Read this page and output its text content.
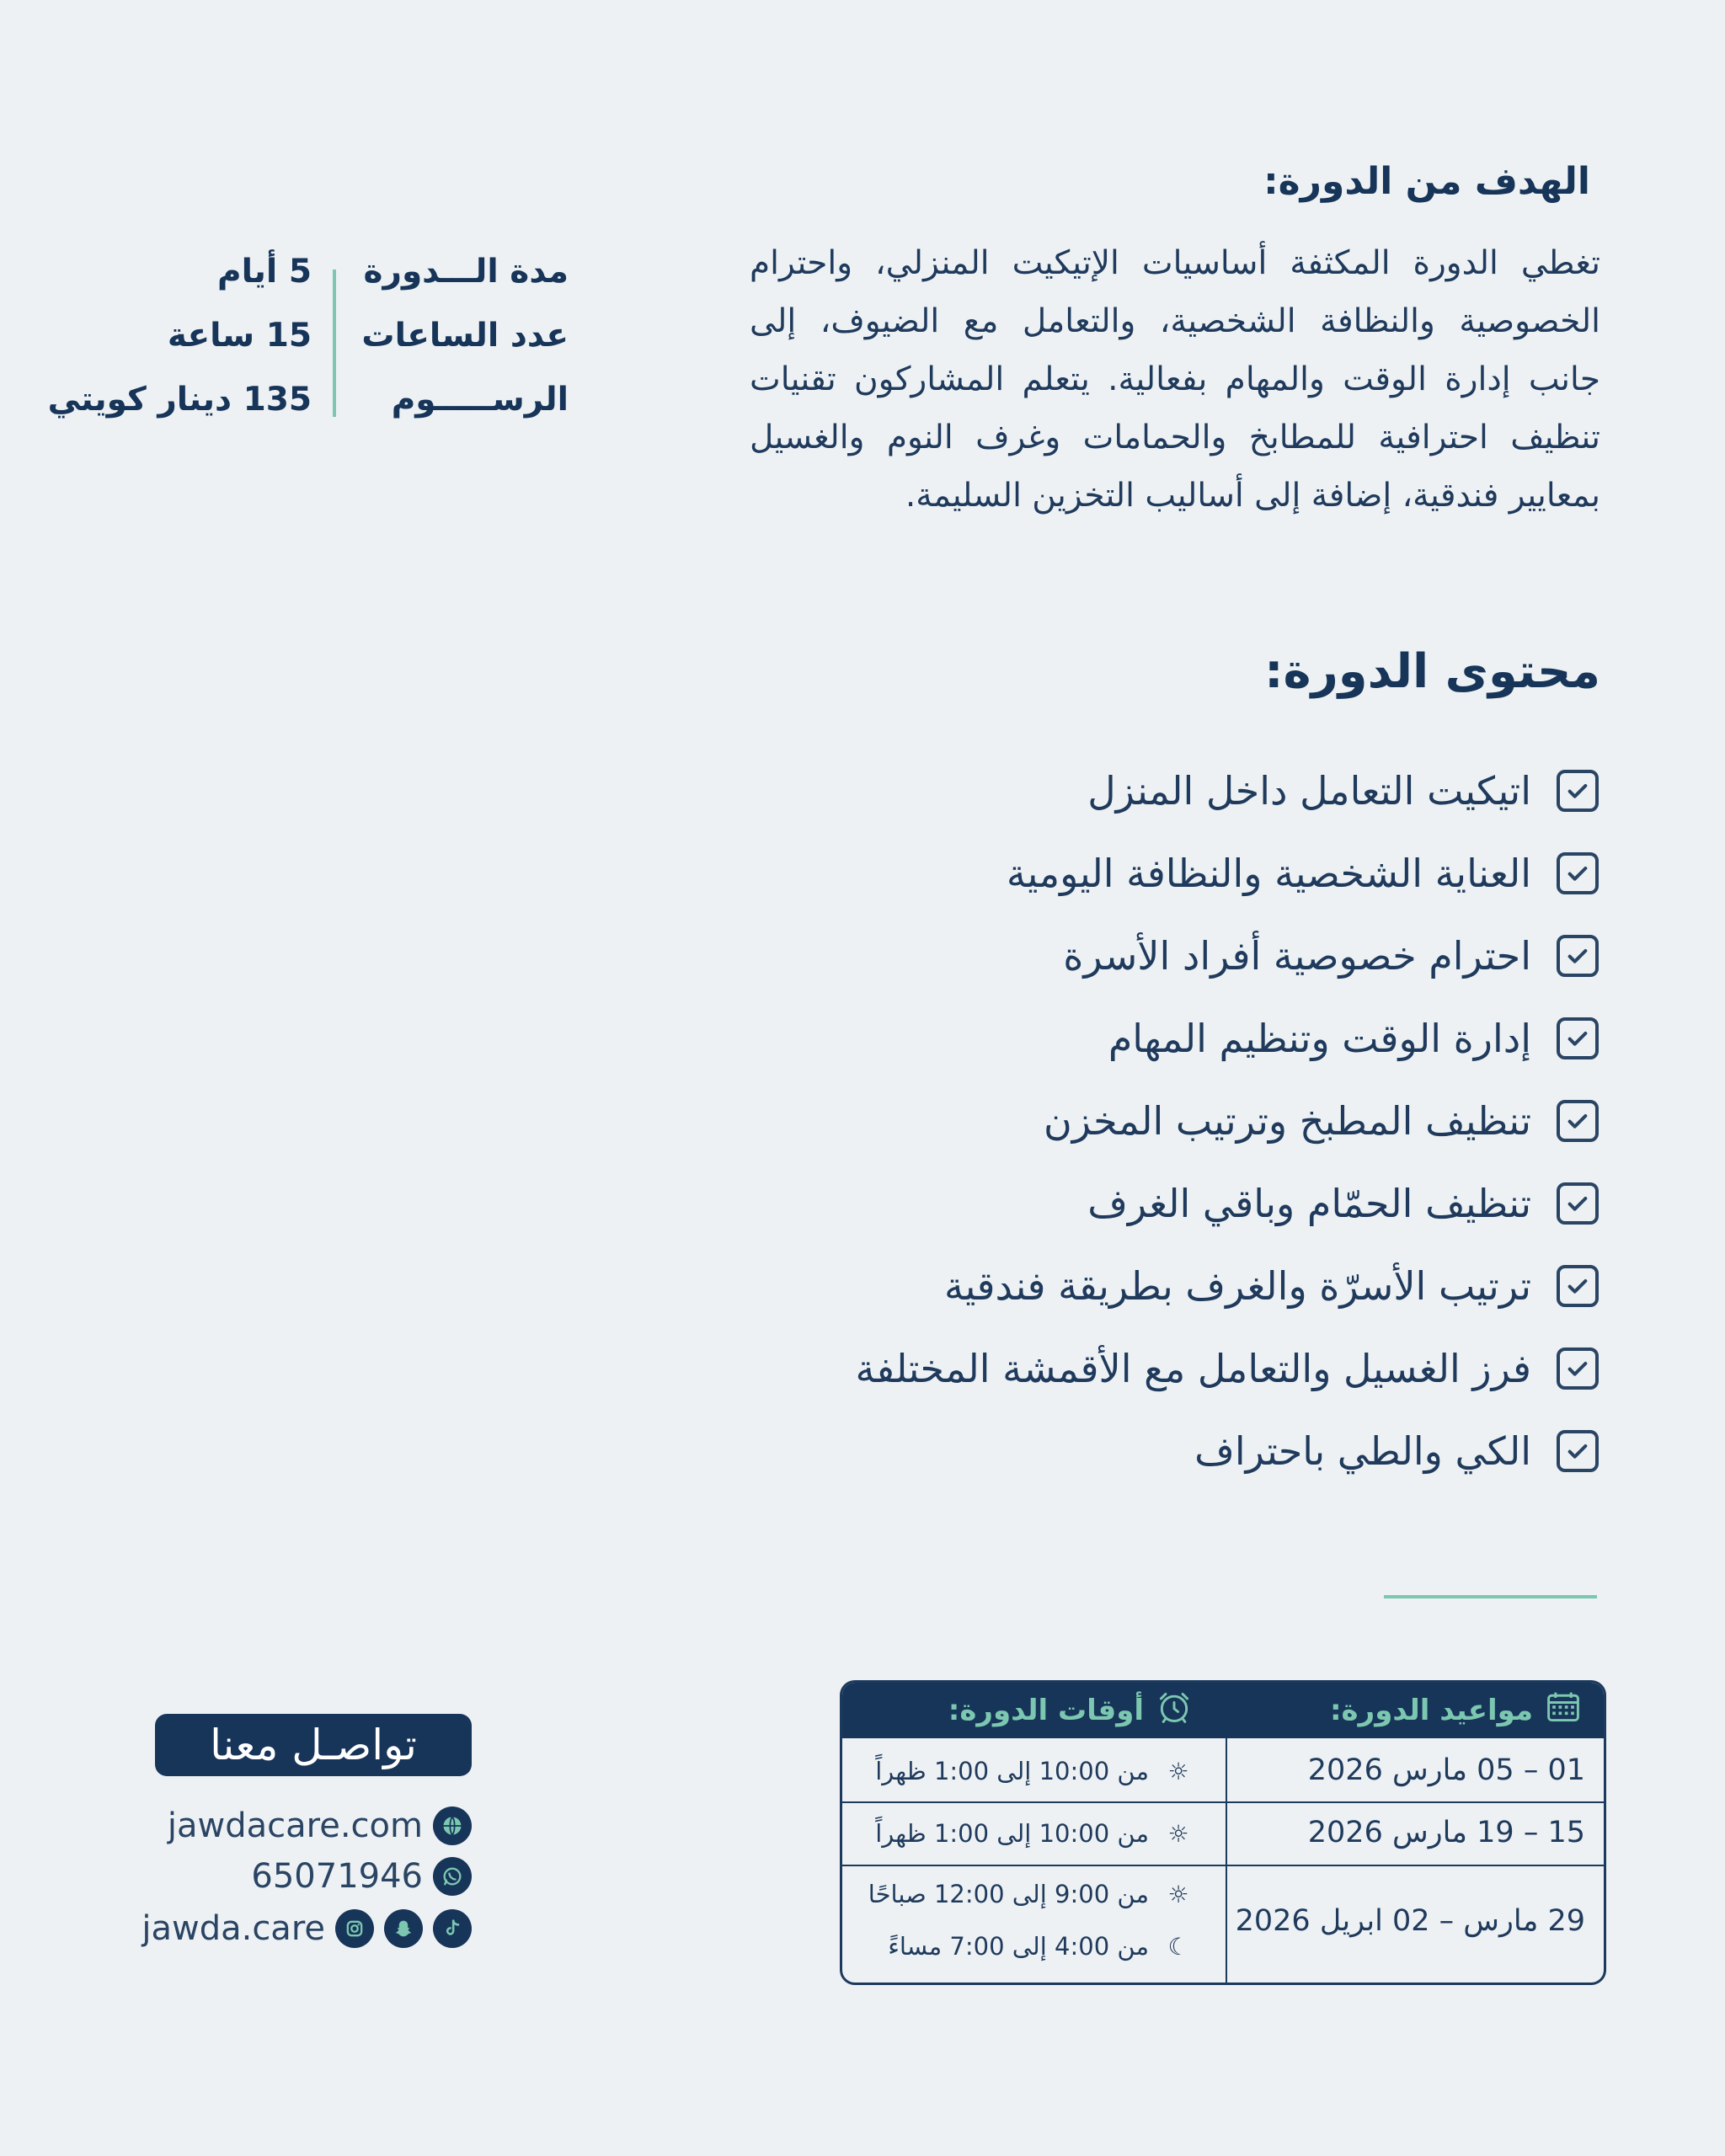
الهدف من الدورة:

تغطي الدورة المكثفة أساسيات الإتيكيت المنزلي، واحترام الخصوصية والنظافة الشخصية، والتعامل مع الضيوف، إلى جانب إدارة الوقت والمهام بفعالية. يتعلم المشاركون تقنيات تنظيف احترافية للمطابخ والحمامات وغرف النوم والغسيل بمعايير فندقية، إضافة إلى أساليب التخزين السليمة.

مدة الـــدورة
5 أيام
عدد الساعات
15 ساعة
الرســـــوم
135 دينار كويتي
محتوى الدورة:
اتيكيت التعامل داخل المنزل
العناية الشخصية والنظافة اليومية
احترام خصوصية أفراد الأسرة
إدارة الوقت وتنظيم المهام
تنظيف المطبخ وترتيب المخزن
تنظيف الحمّام وباقي الغرف
ترتيب الأسرّة والغرف بطريقة فندقية
فرز الغسيل والتعامل مع الأقمشة المختلفة
الكي والطي باحتراف
مواعيد الدورة:
أوقات الدورة:
01 – 05 مارس 2026
☼
من 10:00 إلى 1:00 ظهراً
15 – 19 مارس 2026
☼
من 10:00 إلى 1:00 ظهراً
29 مارس – 02 ابريل 2026
☼
من 9:00 إلى 12:00 صباحًا
☾
من 4:00 إلى 7:00 مساءً
تواصـل معنا
jawdacare.com
65071946
jawda.care
